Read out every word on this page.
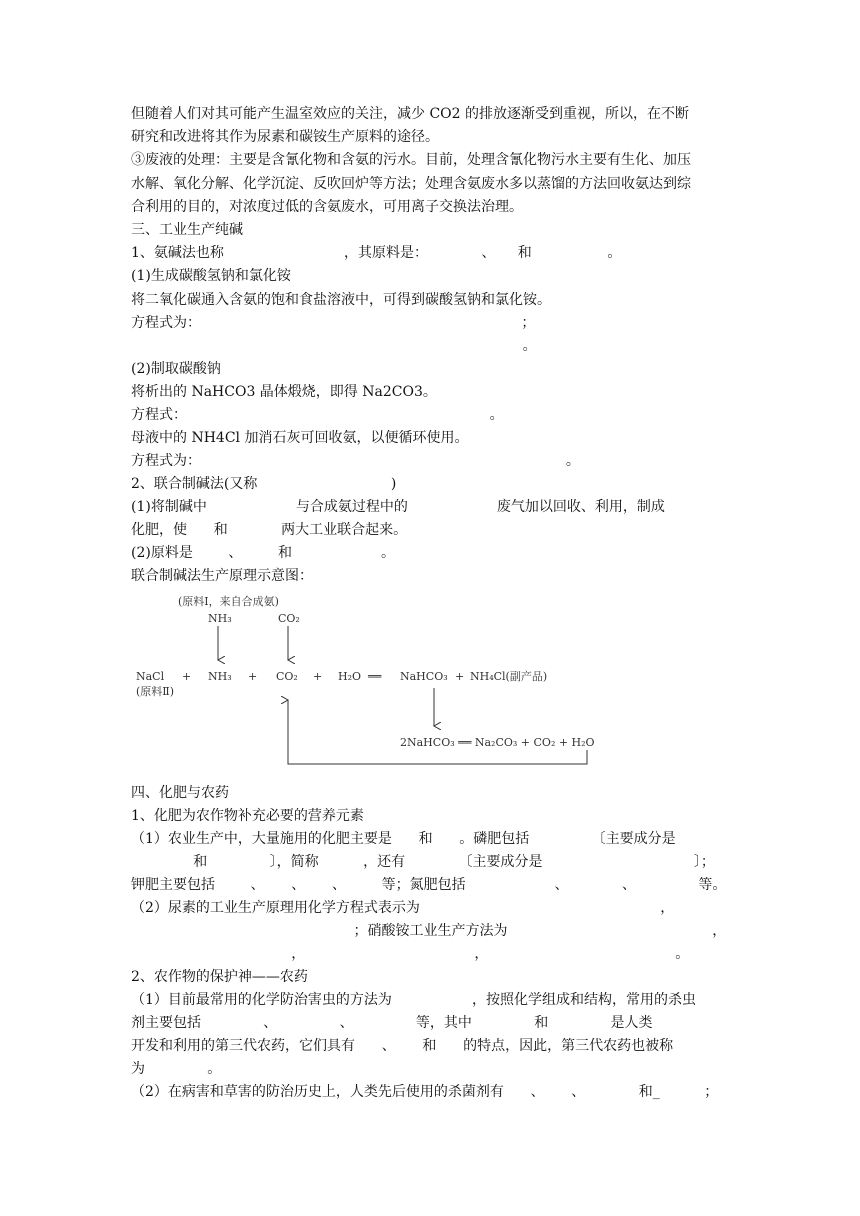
但随着人们对其可能产生温室效应的关注，减少 CO2 的排放逐渐受到重视，所以，在不断
研究和改进将其作为尿素和碳铵生产原料的途径。
③废液的处理：主要是含氰化物和含氨的污水。目前，处理含氰化物污水主要有生化、加压
水解、氧化分解、化学沉淀、反吹回炉等方法；处理含氨废水多以蒸馏的方法回收氨达到综
合利用的目的，对浓度过低的含氨废水，可用离子交换法治理。
三、工业生产纯碱
1、氨碱法也称                           ，其原料是：            、     和                 。
(1)生成碳酸氢钠和氯化铵
将二氧化碳通入含氨的饱和食盐溶液中，可得到碳酸氢钠和氯化铵。
方程式为：                                                                        ；
。
(2)制取碳酸钠
将析出的 NaHCO3 晶体煅烧，即得 Na2CO3。
方程式：                                                                    。
母液中的 NH4Cl 加消石灰可回收氨，以便循环使用。
方程式为：                                                                                  。
2、联合制碱法(又称                              )
(1)将制碱中                    与合成氨过程中的                    废气加以回收、利用，制成
化肥，使      和            两大工业联合起来。
(2)原料是        、        和                    。
联合制碱法生产原理示意图：
(原料Ⅰ，来自合成氨)
NH₃	CO₂
NaCl + NH₃ + CO₂ + H₂O ══ NaHCO₃ + NH₄Cl(副产品)
(原料Ⅱ)
2NaHCO₃ ══ Na₂CO₃ + CO₂ + H₂O
四、化肥与农药
1、化肥为农作物补充必要的营养元素
（1）农业生产中，大量施用的化肥主要是      和      。磷肥包括              〔主要成分是
和              〕，简称          ，还有            〔主要成分是                                  〕；
钾肥主要包括        、      、      、        等；氮肥包括                    、            、              等。
（2）尿素的工业生产原理用化学方程式表示为                                                      ，
；硝酸铵工业生产方法为                                              ，
，                                      ，                                          。
2、农作物的保护神——农药
（1）目前最常用的化学防治害虫的方法为                  ，按照化学组成和结构，常用的杀虫
剂主要包括              、              、              等，其中              和              是人类
开发和利用的第三代农药，它们具有      、      和      的特点，因此，第三代农药也被称
为              。
（2）在病害和草害的防治历史上，人类先后使用的杀菌剂有      、      、            和_          ；
